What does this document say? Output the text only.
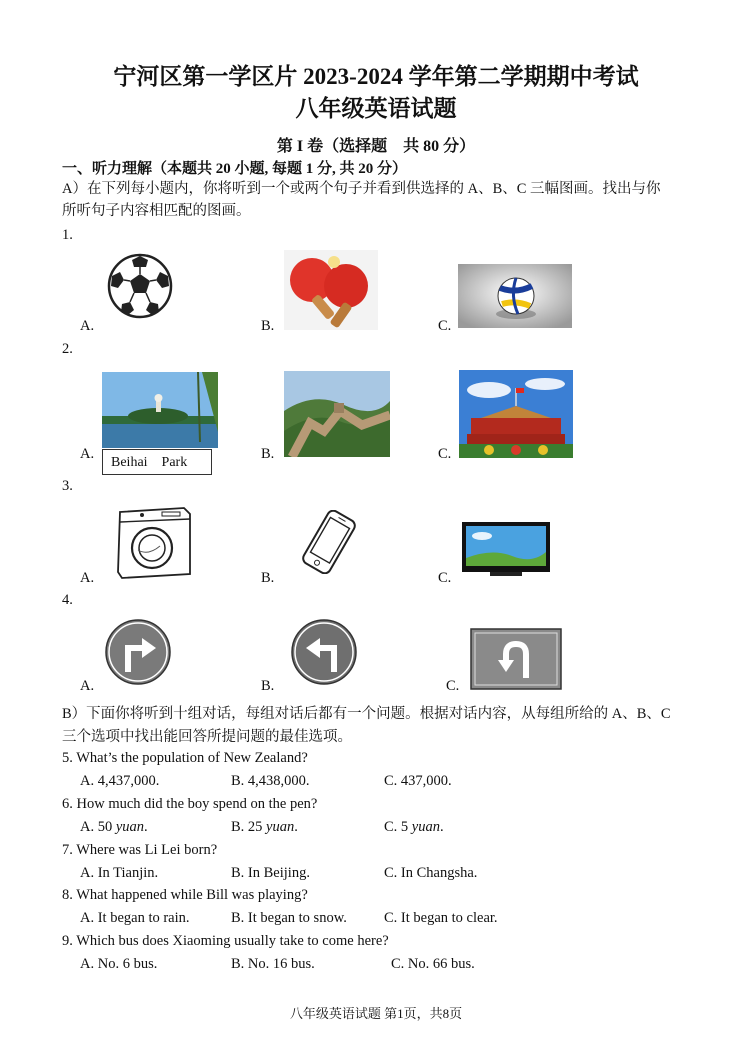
宁河区第一学区片 2023-2024 学年第二学期期中考试
八年级英语试题
第 I 卷（选择题　共 80 分）
一、听力理解（本题共 20 小题, 每题 1 分, 共 20 分）
A）在下列每小题内，你将听到一个或两个句子并看到供选择的 A、B、C 三幅图画。找出与你
所听句子内容相匹配的图画。
1.
A.	B.	C.
2.
A.	B.	C.
Beihai　Park
3.
A.	B.	C.
4.
A.	B.	C.
B）下面你将听到十组对话，每组对话后都有一个问题。根据对话内容，从每组所给的 A、B、C
三个选项中找出能回答所提问题的最佳选项。
5. What’s the population of New Zealand?
A. 4,437,000.	B. 4,438,000.	C. 437,000.
6. How much did the boy spend on the pen?
A. 50 yuan.	B. 25 yuan.	C. 5 yuan.
7. Where was Li Lei born?
A. In Tianjin.	B. In Beijing.	C. In Changsha.
8. What happened while Bill was playing?
A. It began to rain.	B. It began to snow.	C. It began to clear.
9. Which bus does Xiaoming usually take to come here?
A. No. 6 bus.	B. No. 16 bus.	C. No. 66 bus.
八年级英语试题 第1页，共8页
